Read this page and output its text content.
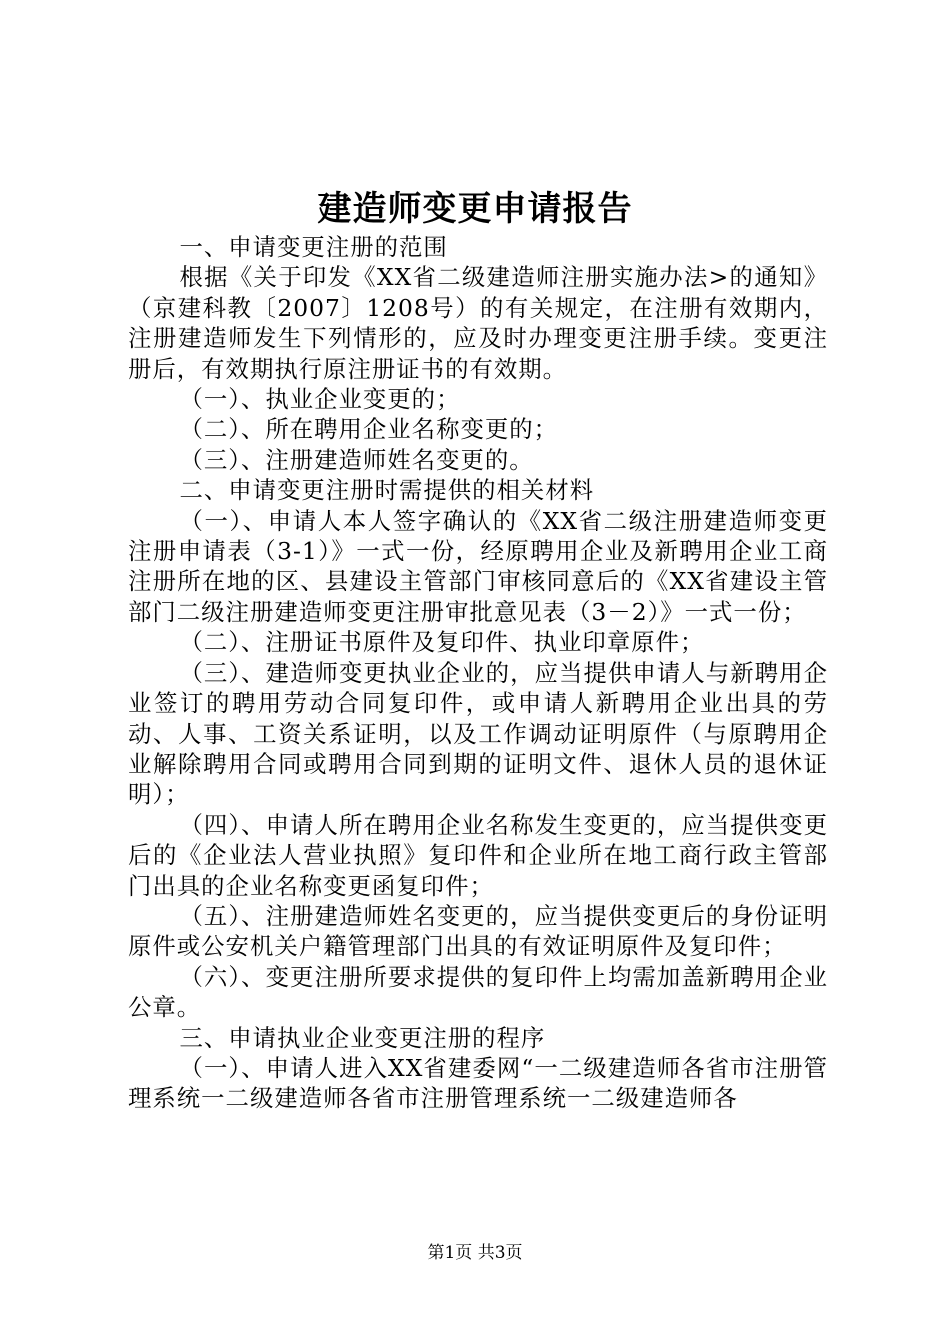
建造师变更申请报告

一、申请变更注册的范围

根据《关于印发《XX省二级建造师注册实施办法>的通知》（京建科教〔2007〕1208号）的有关规定，在注册有效期内，注册建造师发生下列情形的，应及时办理变更注册手续。变更注册后，有效期执行原注册证书的有效期。

（一）、执业企业变更的；

（二）、所在聘用企业名称变更的；

（三）、注册建造师姓名变更的。

二、申请变更注册时需提供的相关材料

（一）、申请人本人签字确认的《XX省二级注册建造师变更注册申请表（3-1）》一式一份，经原聘用企业及新聘用企业工商注册所在地的区、县建设主管部门审核同意后的《XX省建设主管部门二级注册建造师变更注册审批意见表（3－2）》一式一份；

（二）、注册证书原件及复印件、执业印章原件；

（三）、建造师变更执业企业的，应当提供申请人与新聘用企业签订的聘用劳动合同复印件，或申请人新聘用企业出具的劳动、人事、工资关系证明，以及工作调动证明原件（与原聘用企业解除聘用合同或聘用合同到期的证明文件、退休人员的退休证明）；

（四）、申请人所在聘用企业名称发生变更的，应当提供变更后的《企业法人营业执照》复印件和企业所在地工商行政主管部门出具的企业名称变更函复印件；

（五）、注册建造师姓名变更的，应当提供变更后的身份证明原件或公安机关户籍管理部门出具的有效证明原件及复印件；

（六）、变更注册所要求提供的复印件上均需加盖新聘用企业公章。

三、申请执业企业变更注册的程序

（一）、申请人进入XX省建委网“一二级建造师各省市注册管理系统一二级建造师各省市注册管理系统一二级建造师各

第1页 共3页
